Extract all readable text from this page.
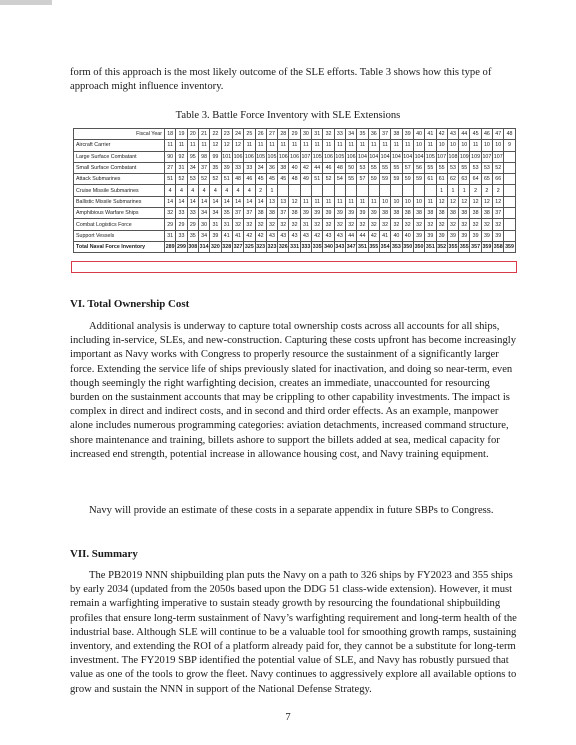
form of this approach is the most likely outcome of the SLE efforts. Table 3 shows how this type of approach might influence inventory.

Table 3. Battle Force Inventory with SLE Extensions
Fiscal Year	18	19	20	21	22	23	24	25	26	27	28	29	30	31	32	33	34	35	36	37	38	39	40	41	42	43	44	45	46	47	48
Aircraft Carrier	11	11	11	11	12	12	12	11	11	11	11	11	11	11	11	11	11	11	11	11	11	11	10	11	10	10	10	11	10	10	9
Large Surface Combatant	90	92	95	98	99	101	106	106	105	105	106	106	107	105	106	105	106	104	104	104	104	104	104	105	107	108	109	109	107	107	
Small Surface Combatant	27	31	34	37	35	39	33	33	34	36	38	40	42	44	46	48	50	53	55	55	55	57	56	55	55	53	55	53	53	52	
Attack Submarines	51	52	53	52	52	51	48	46	45	45	45	48	49	51	52	54	55	57	59	59	59	59	59	61	61	62	63	64	65	66	
Cruise Missile Submarines	4	4	4	4	4	4	4	4	2	1															1	1	1	2	2	2	
Ballistic Missile Submarines	14	14	14	14	14	14	14	14	14	13	13	12	11	11	11	11	11	11	11	10	10	10	10	11	12	12	12	12	12	12	
Amphibious Warfare Ships	32	33	33	34	34	35	37	37	38	38	37	38	39	39	39	39	39	39	39	38	38	38	38	38	38	38	38	38	38	37	
Combat Logistics Force	29	29	29	30	31	31	32	32	32	32	32	32	31	32	32	32	32	32	32	32	32	32	32	32	32	32	32	32	32	32	
Support Vessels	31	33	35	34	39	41	41	42	42	43	43	43	43	42	43	43	44	44	42	41	40	40	39	39	39	39	39	39	39	39	
Total Naval Force Inventory	289	299	308	314	320	328	327	325	323	323	326	331	333	335	340	343	347	351	355	354	353	350	350	351	352	355	355	357	359	358	359
VI. Total Ownership Cost

Additional analysis is underway to capture total ownership costs across all accounts for all ships, including in-service, SLEs, and new-construction. Capturing these costs upfront has become increasingly important as Navy works with Congress to properly resource the sustainment of a significantly larger force. Extending the service life of ships previously slated for inactivation, and doing so near-term, even though seemingly the right warfighting decision, creates an immediate, unaccounted for resourcing burden on the sustainment accounts that may be crippling to other capability investments. The impact is complex in direct and indirect costs, and in second and third order effects. As an example, manpower alone includes numerous programming categories: aviation detachments, increased command structure, shore maintenance and training, billets ashore to support the billets added at sea, medical capacity for increased end strength, potential increase in allowance housing cost, and Navy training equipment.

Navy will provide an estimate of these costs in a separate appendix in future SBPs to Congress.

VII. Summary

The PB2019 NNN shipbuilding plan puts the Navy on a path to 326 ships by FY2023 and 355 ships by early 2034 (updated from the 2050s based upon the DDG 51 class-wide extension). However, it must remain a warfighting imperative to sustain steady growth by resourcing the foundational shipbuilding profiles that ensure long-term sustainment of Navy’s warfighting requirement and long-term health of the industrial base. Although SLE will continue to be a valuable tool for smoothing growth ramps, sustaining inventory, and extending the ROI of a platform already paid for, they cannot be a substitute for long-term investment. The FY2019 SBP identified the potential value of SLE, and Navy has robustly pursued that value as one of the tools to grow the fleet. Navy continues to aggressively explore all available options to grow and sustain the NNN in support of the National Defense Strategy.

7
